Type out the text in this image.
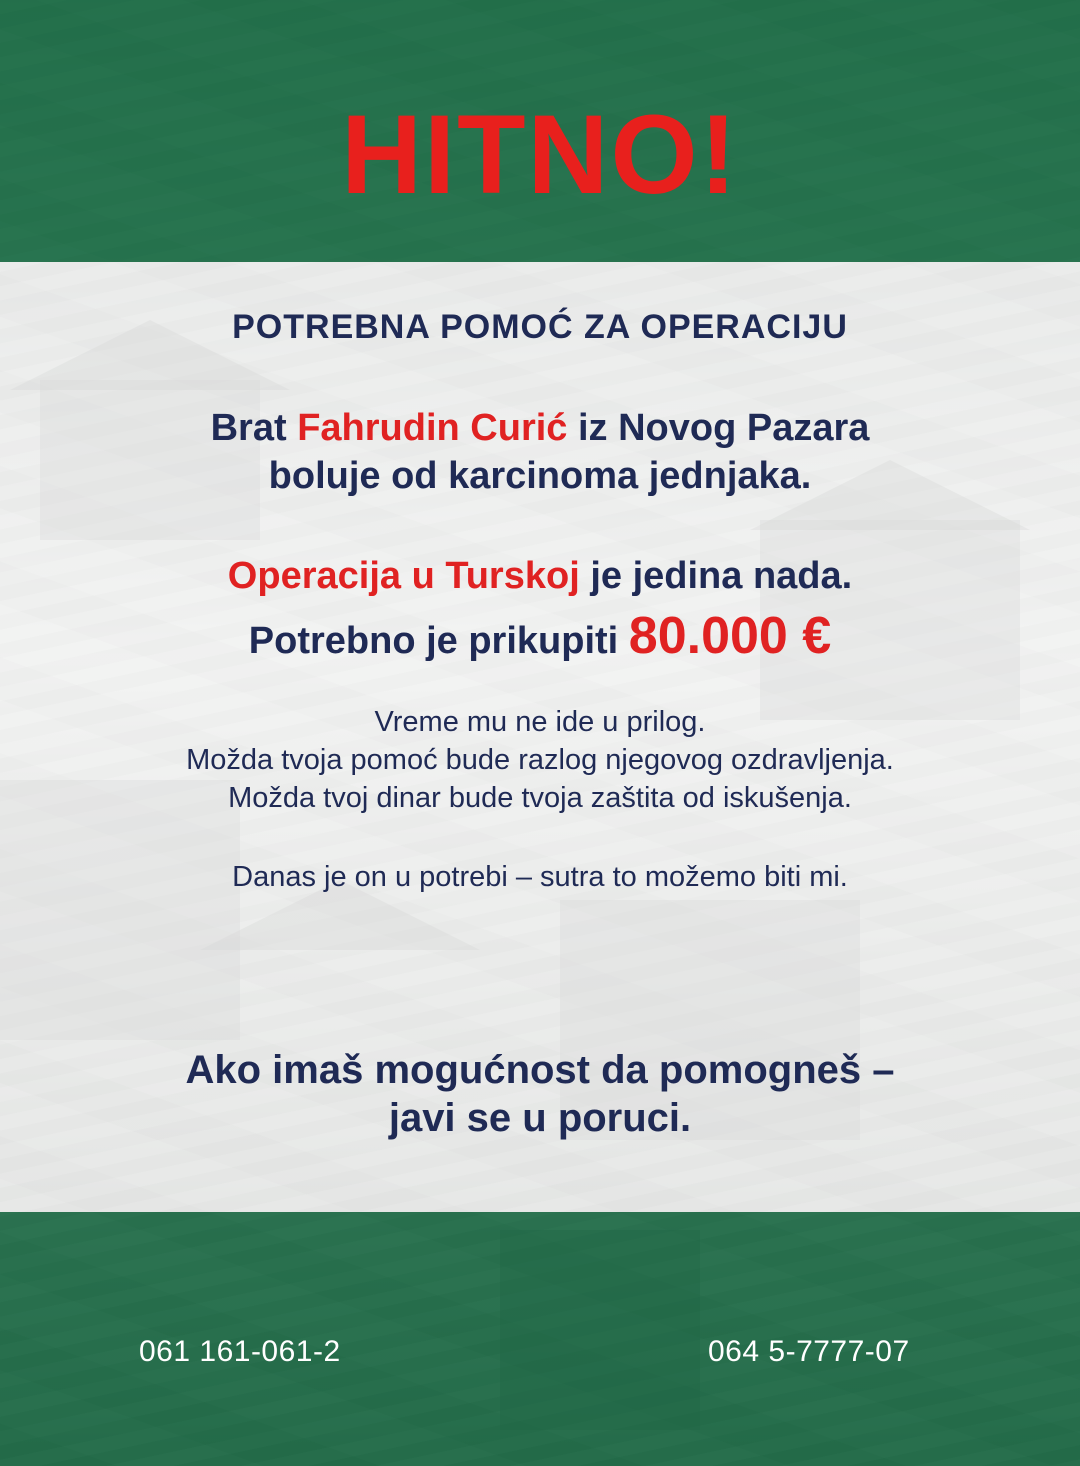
HITNO!
POTREBNA POMOĆ ZA OPERACIJU
Brat Fahrudin Curić iz Novog Pazara
boluje od karcinoma jednjaka.
Operacija u Turskoj je jedina nada.
Potrebno je prikupiti 80.000 €
Vreme mu ne ide u prilog.
Možda tvoja pomoć bude razlog njegovog ozdravljenja.
Možda tvoj dinar bude tvoja zaštita od iskušenja.
Danas je on u potrebi – sutra to možemo biti mi.
Ako imaš mogućnost da pomogneš –
javi se u poruci.
061 161-061-2	064 5-7777-07
